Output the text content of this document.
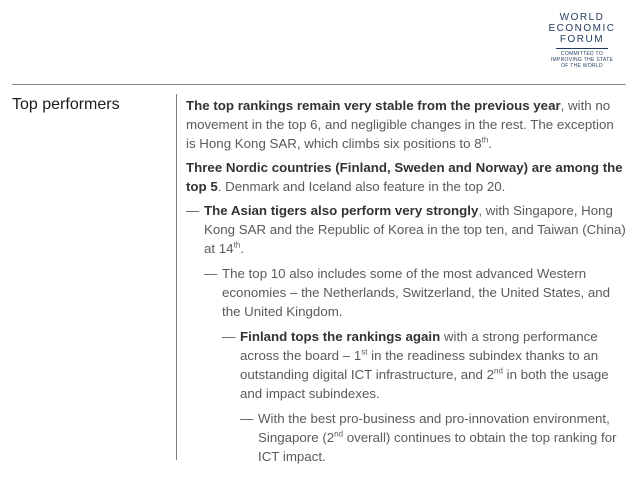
WORLD
ECONOMIC
FORUM
COMMITTED TO
IMPROVING THE STATE
OF THE WORLD
Top performers	The top rankings remain very stable from the previous year, with no movement in the top 6, and negligible changes in the rest. The exception is Hong Kong SAR, which climbs six positions to 8th.

Three Nordic countries (Finland, Sweden and Norway) are among the top 5. Denmark and Iceland also feature in the top 20.

— The Asian tigers also perform very strongly, with Singapore, Hong Kong SAR and the Republic of Korea in the top ten, and Taiwan (China) at 14th.
— The top 10 also includes some of the most advanced Western economies – the Netherlands, Switzerland, the United States, and the United Kingdom.
— Finland tops the rankings again with a strong performance across the board – 1st in the readiness subindex thanks to an outstanding digital ICT infrastructure, and 2nd in both the usage and impact subindexes.
— With the best pro-business and pro-innovation environment, Singapore (2nd overall) continues to obtain the top ranking for ICT impact.
